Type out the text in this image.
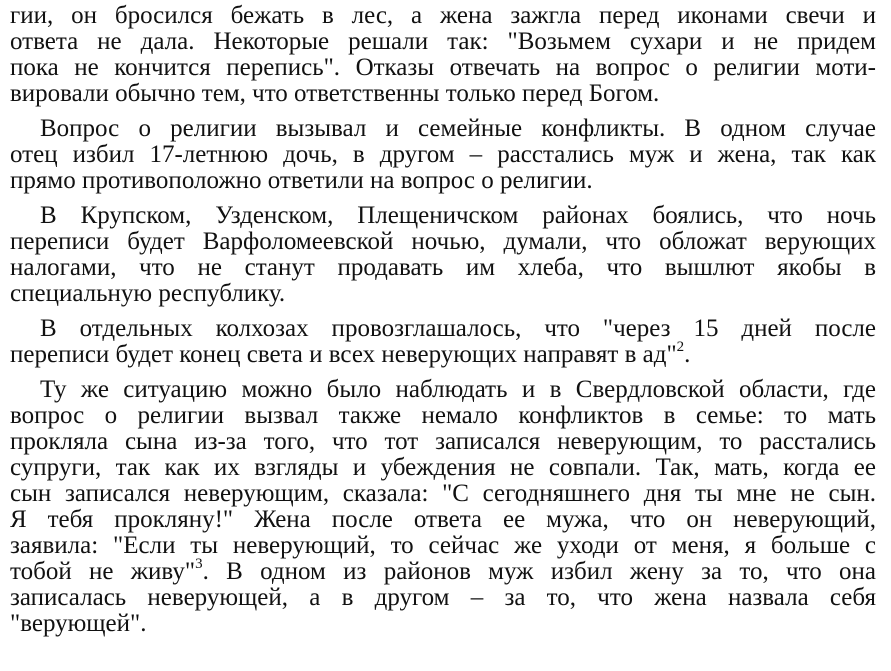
гии, он бросился бежать в лес, а жена зажгла перед иконами свечи и
ответа не дала. Некоторые решали так: "Возьмем сухари и не придем
пока не кончится перепись". Отказы отвечать на вопрос о религии моти-
вировали обычно тем, что ответственны только перед Богом.
Вопрос о религии вызывал и семейные конфликты. В одном случае
отец избил 17-летнюю дочь, в другом – расстались муж и жена, так как
прямо противоположно ответили на вопрос о религии.
В Крупском, Узденском, Плещеничском районах боялись, что ночь
переписи будет Варфоломеевской ночью, думали, что обложат верующих
налогами, что не станут продавать им хлеба, что вышлют якобы в
специальную республику.
В отдельных колхозах провозглашалось, что "через 15 дней после
переписи будет конец света и всех неверующих направят в ад"$^2$.
Ту же ситуацию можно было наблюдать и в Свердловской области, где
вопрос о религии вызвал также немало конфликтов в семье: то мать
прокляла сына из-за того, что тот записался неверующим, то расстались
супруги, так как их взгляды и убеждения не совпали. Так, мать, когда ее
сын записался неверующим, сказала: "С сегодняшнего дня ты мне не сын.
Я тебя прокляну!" Жена после ответа ее мужа, что он неверующий,
заявила: "Если ты неверующий, то сейчас же уходи от меня, я больше с
тобой не живу"$^3$. В одном из районов муж избил жену за то, что она
записалась неверующей, а в другом – за то, что жена назвала себя
"верующей".
